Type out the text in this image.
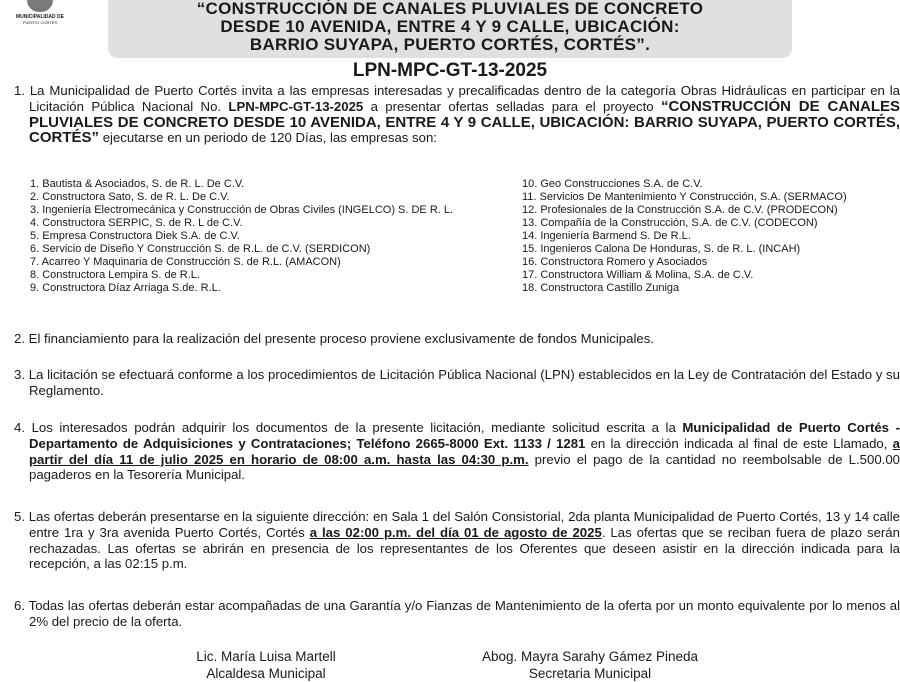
MUNICIPALIDAD DE
PUERTO CORTÉS
“CONSTRUCCIÓN DE CANALES PLUVIALES DE CONCRETO
DESDE 10 AVENIDA, ENTRE 4 Y 9 CALLE, UBICACIÓN:
BARRIO SUYAPA, PUERTO CORTÉS, CORTÉS”.
LPN-MPC-GT-13-2025
1. La Municipalidad de Puerto Cortés invita a las empresas interesadas y precalificadas dentro de la categoría Obras Hidráulicas en participar en la Licitación Pública Nacional No. LPN-MPC-GT-13-2025 a presentar ofertas selladas para el proyecto “CONSTRUCCIÓN DE CANALES PLUVIALES DE CONCRETO DESDE 10 AVENIDA, ENTRE 4 Y 9 CALLE, UBICACIÓN: BARRIO SUYAPA, PUERTO CORTÉS, CORTÉS” ejecutarse en un periodo de 120 Días, las empresas son:
1. Bautista & Asociados, S. de R. L. De C.V.
2. Constructora Sato, S. de R. L. De C.V.
3. Ingeniería Electromecánica y Construcción de Obras Civiles (INGELCO) S. DE R. L.
4. Constructora SERPIC, S. de R. L de C.V.
5. Empresa Constructora Diek S.A. de C.V.
6. Servicio de Diseño Y Construcción S. de R.L. de C.V. (SERDICON)
7. Acarreo Y Maquinaria de Construcción S. de R.L. (AMACON)
8. Constructora Lempira S. de R.L.
9. Constructora Díaz Arriaga S.de. R.L.
10. Geo Construcciones S.A. de C.V.
11. Servicios De Mantenimiento Y Construcción, S.A. (SERMACO)
12. Profesionales de la Construcción S.A. de C.V. (PRODECON)
13. Compañía de la Construcción, S.A. de C.V. (CODECON)
14. Ingeniería Barmend S. De R.L.
15. Ingenieros Calona De Honduras, S. de R. L. (INCAH)
16. Constructora Romero y Asociados
17. Constructora William & Molina, S.A. de C.V.
18. Constructora Castillo Zuniga
2. El financiamiento para la realización del presente proceso proviene exclusivamente de fondos Municipales.
3. La licitación se efectuará conforme a los procedimientos de Licitación Pública Nacional (LPN) establecidos en la Ley de Contratación del Estado y su Reglamento.
4. Los interesados podrán adquirir los documentos de la presente licitación, mediante solicitud escrita a la Municipalidad de Puerto Cortés - Departamento de Adquisiciones y Contrataciones; Teléfono 2665-8000 Ext. 1133 / 1281 en la dirección indicada al final de este Llamado, a partir del día 11 de julio 2025 en horario de 08:00 a.m. hasta las 04:30 p.m. previo el pago de la cantidad no reembolsable de L.500.00 pagaderos en la Tesorería Municipal.
5. Las ofertas deberán presentarse en la siguiente dirección: en Sala 1 del Salón Consistorial, 2da planta Municipalidad de Puerto Cortés, 13 y 14 calle entre 1ra y 3ra avenida Puerto Cortés, Cortés a las 02:00 p.m. del día 01 de agosto de 2025. Las ofertas que se reciban fuera de plazo serán rechazadas. Las ofertas se abrirán en presencia de los representantes de los Oferentes que deseen asistir en la dirección indicada para la recepción, a las 02:15 p.m.
6. Todas las ofertas deberán estar acompañadas de una Garantía y/o Fianzas de Mantenimiento de la oferta por un monto equivalente por lo menos al 2% del precio de la oferta.
Lic. María Luisa Martell
Alcaldesa Municipal
Abog. Mayra Sarahy Gámez Pineda
Secretaria Municipal
